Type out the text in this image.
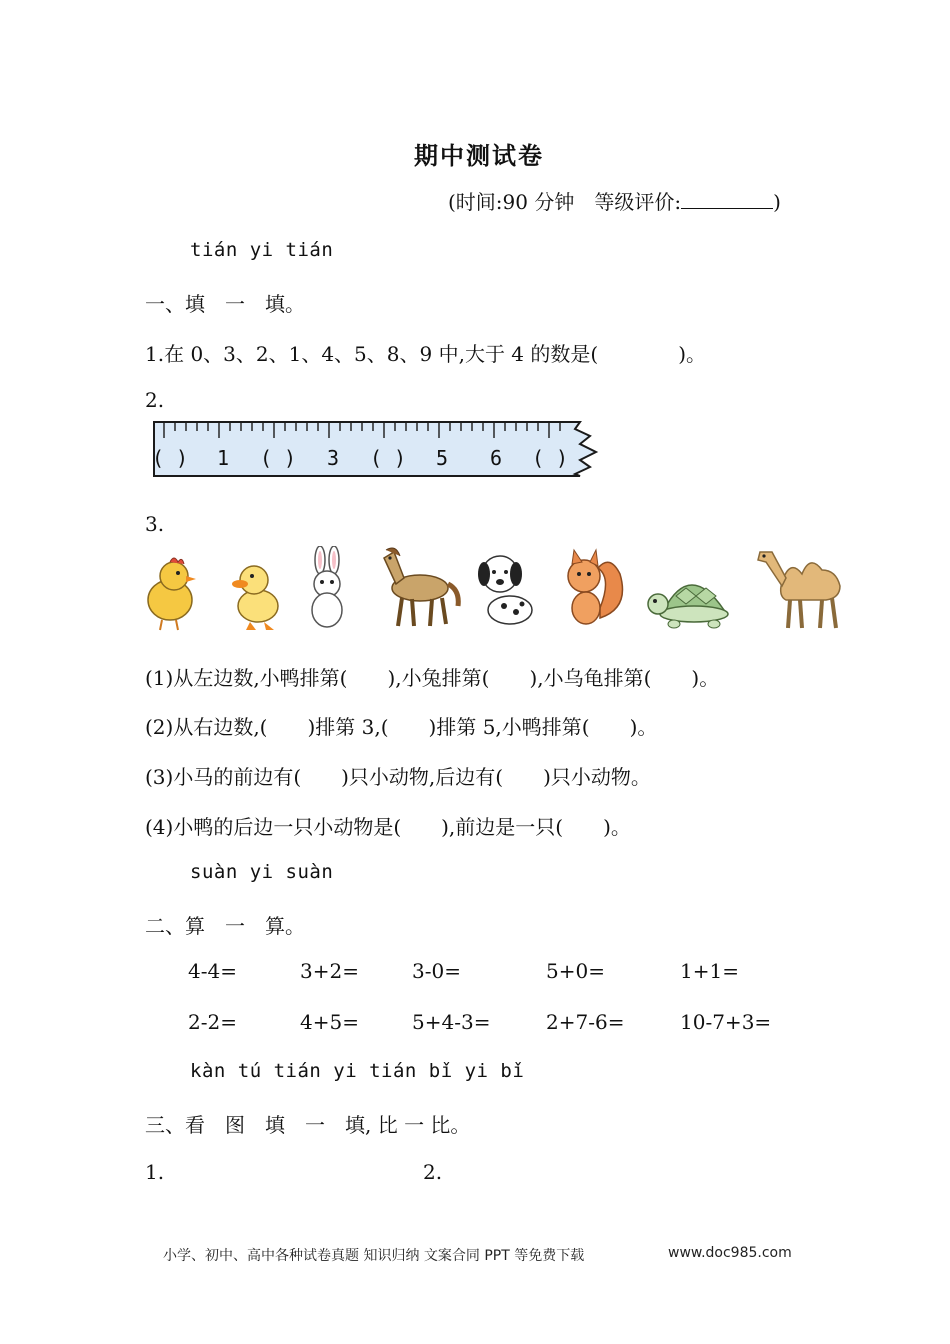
期中测试卷
(时间:90 分钟　等级评价:	)
tián yi tián
一、填　一　填。
1.在 0、3、2、1、4、5、8、9 中,大于 4 的数是(　　　　)。
2.
( ) 1 ( ) 3 ( ) 5 6 ( )
3.
(1)从左边数,小鸭排第(　　),小兔排第(　　),小乌龟排第(　　)。
(2)从右边数,(　　)排第 3,(　　)排第 5,小鸭排第(　　)。
(3)小马的前边有(　　)只小动物,后边有(　　)只小动物。
(4)小鸭的后边一只小动物是(　　),前边是一只(　　)。
suàn yi suàn
二、算　一　算。
4-4=	3+2=	3-0=	5+0=	1+1=
2-2=	4+5=	5+4-3=	2+7-6=	10-7+3=
kàn tú tián yi tián bǐ yi bǐ
三、看　图　填　一　填, 比 一 比。
1.	2.
小学、初中、高中各种试卷真题 知识归纳 文案合同 PPT 等免费下载	www.doc985.com
